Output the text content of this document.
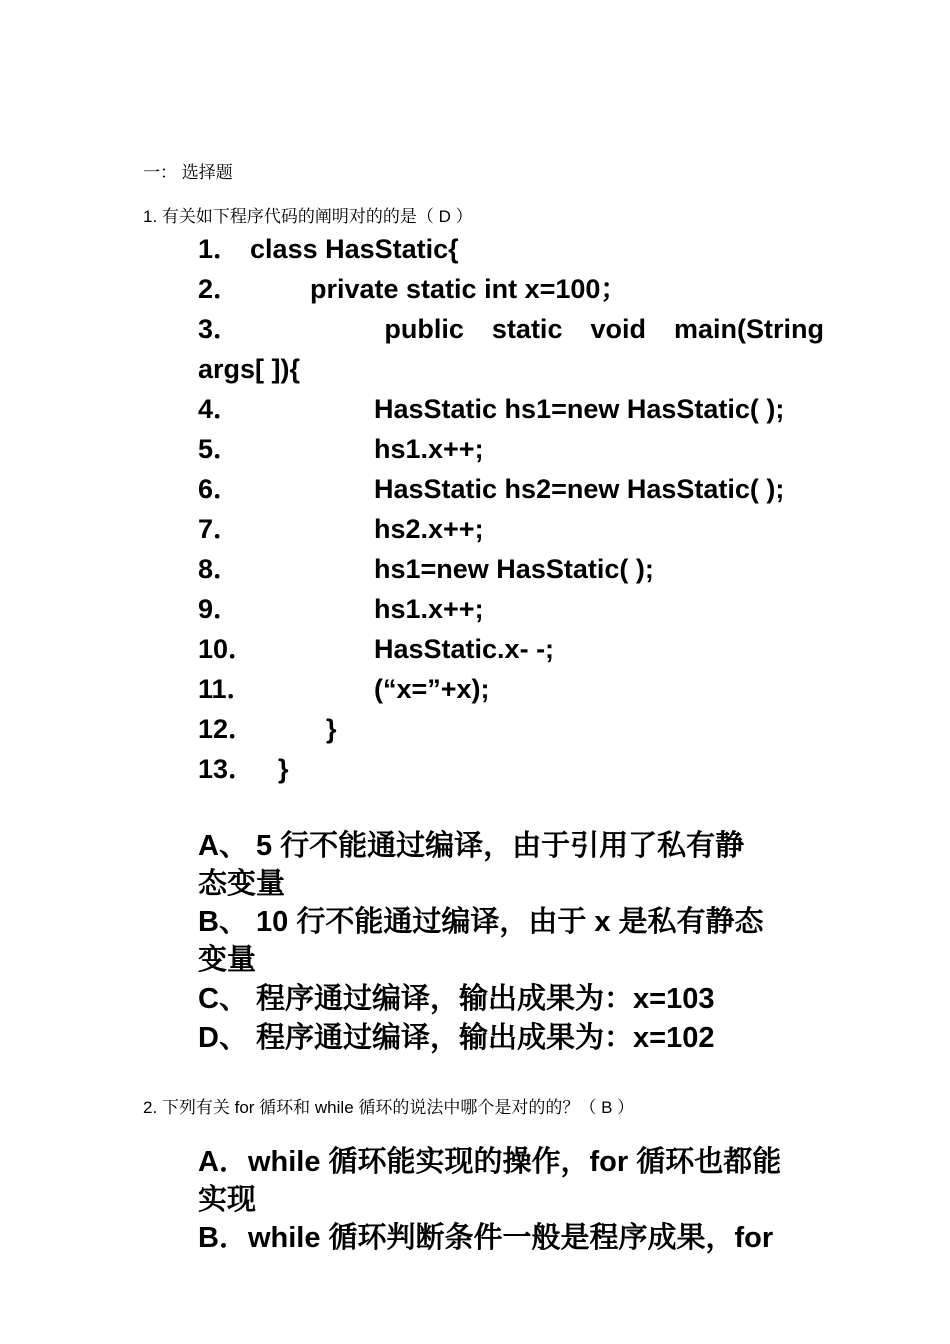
一： 选择题
1. 有关如下程序代码的阐明对的的是（ D ）
1． class HasStatic{
2．	private static int x=100；
3．	public static void main(String
args[ ]){
4．	HasStatic hs1=new HasStatic( );
5．	hs1.x++;
6．	HasStatic hs2=new HasStatic( );
7．	hs2.x++;
8．	hs1=new HasStatic( );
9．	hs1.x++;
10．	HasStatic.x- -;
11．	(“x=”+x);
12．	}
13． }
A、 5 行不能通过编译，由于引用了私有静
态变量
B、 10 行不能通过编译，由于 x 是私有静态
变量
C、 程序通过编译，输出成果为：x=103
D、 程序通过编译，输出成果为：x=102
2. 下列有关 for 循环和 while 循环的说法中哪个是对的的？（ B ）
A．while 循环能实现的操作，for 循环也都能
实现
B．while 循环判断条件一般是程序成果，for
